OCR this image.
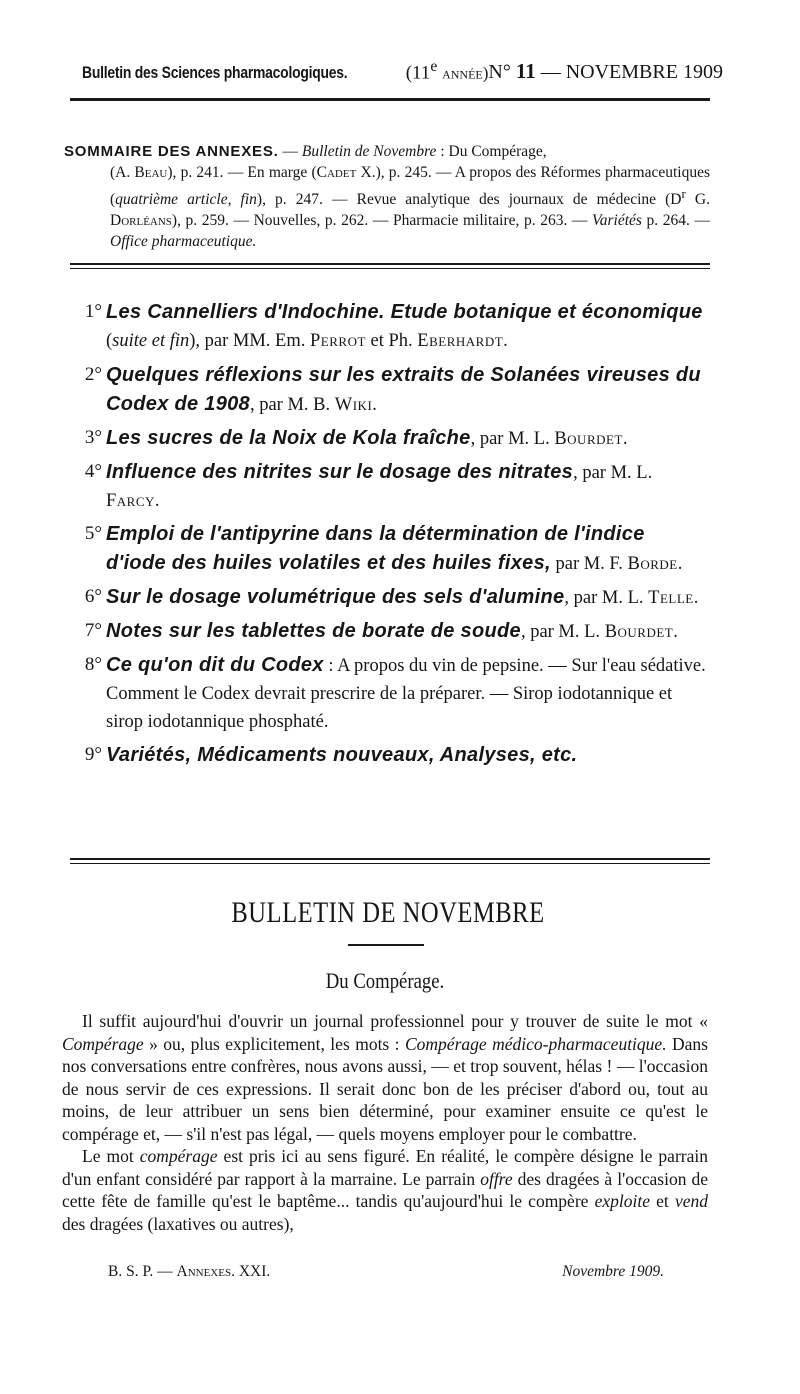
Bulletin des Sciences pharmacologiques.	(11e année) N° 11 — NOVEMBRE 1909
SOMMAIRE DES ANNEXES. — Bulletin de Novembre : Du Compérage,
(A. Beau), p. 241. — En marge (Cadet X.), p. 245. — A propos des Réformes pharmaceutiques (quatrième article, fin), p. 247. — Revue analytique des journaux de médecine ($D^r$ G. Dorléans), p. 259. — Nouvelles, p. 262. — Pharmacie militaire, p. 263. — Variétés p. 264. — Office pharmaceutique.
1° Les Cannelliers d'Indochine. Etude botanique et économique (suite et fin), par MM. Em. Perrot et Ph. Eberhardt.
2° Quelques réflexions sur les extraits de Solanées vireuses du Codex de 1908, par M. B. Wiki.
3° Les sucres de la Noix de Kola fraîche, par M. L. Bourdet.
4° Influence des nitrites sur le dosage des nitrates, par M. L. Farcy.
5° Emploi de l'antipyrine dans la détermination de l'indice d'iode des huiles volatiles et des huiles fixes, par M. F. Borde.
6° Sur le dosage volumétrique des sels d'alumine, par M. L. Telle.
7° Notes sur les tablettes de borate de soude, par M. L. Bourdet.
8° Ce qu'on dit du Codex : A propos du vin de pepsine. — Sur l'eau sédative. Comment le Codex devrait prescrire de la préparer. — Sirop iodotannique et sirop iodotannique phosphaté.
9° Variétés, Médicaments nouveaux, Analyses, etc.
BULLETIN DE NOVEMBRE
Du Compérage.

Il suffit aujourd'hui d'ouvrir un journal professionnel pour y trouver de suite le mot « Compérage » ou, plus explicitement, les mots : Compérage médico-pharmaceutique. Dans nos conversations entre confrères, nous avons aussi, — et trop souvent, hélas ! — l'occasion de nous servir de ces expressions. Il serait donc bon de les préciser d'abord ou, tout au moins, de leur attribuer un sens bien déterminé, pour examiner ensuite ce qu'est le compérage et, — s'il n'est pas légal, — quels moyens employer pour le combattre.

Le mot compérage est pris ici au sens figuré. En réalité, le compère désigne le parrain d'un enfant considéré par rapport à la marraine. Le parrain offre des dragées à l'occasion de cette fête de famille qu'est le baptême... tandis qu'aujourd'hui le compère exploite et vend des dragées (laxatives ou autres),

B. S. P. — Annexes. XXI.	Novembre 1909.
